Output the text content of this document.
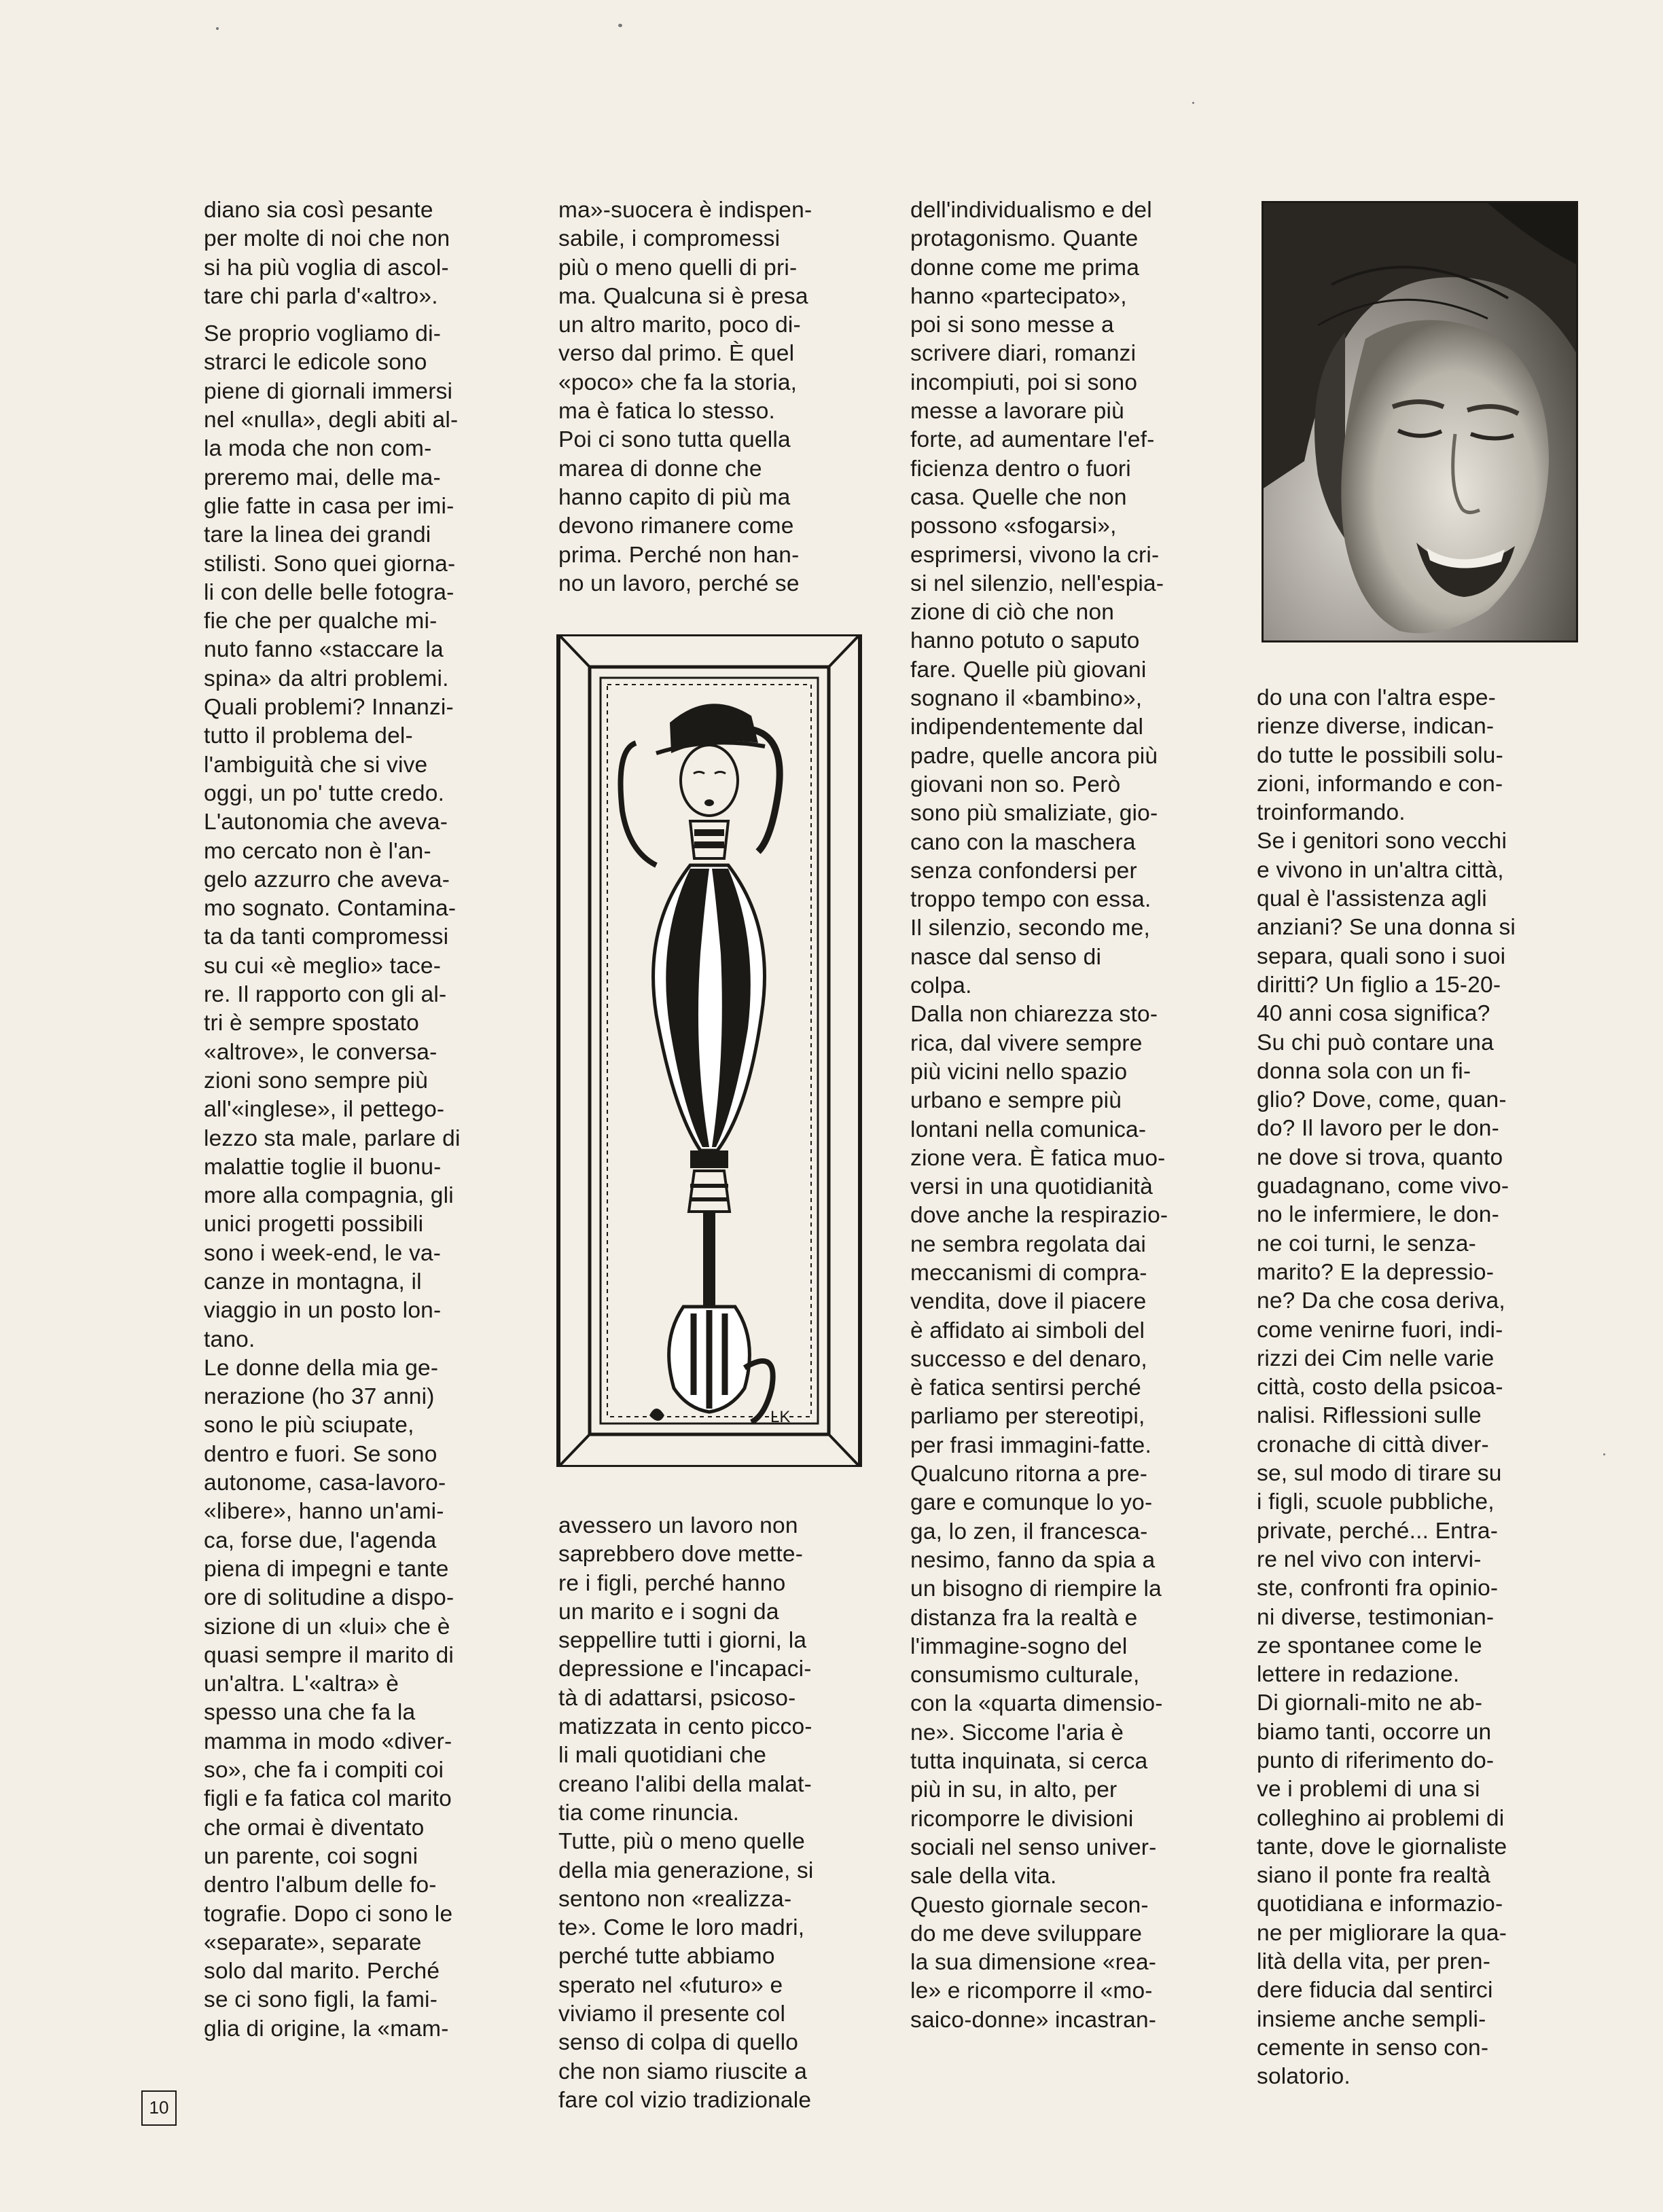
diano sia così pesante
per molte di noi che non
si ha più voglia di ascol-
tare chi parla d'«altro».
Se proprio vogliamo di-
strarci le edicole sono
piene di giornali immersi
nel «nulla», degli abiti al-
la moda che non com-
preremo mai, delle ma-
glie fatte in casa per imi-
tare la linea dei grandi
stilisti. Sono quei giorna-
li con delle belle fotogra-
fie che per qualche mi-
nuto fanno «staccare la
spina» da altri problemi.
Quali problemi? Innanzi-
tutto il problema del-
l'ambiguità che si vive
oggi, un po' tutte credo.
L'autonomia che aveva-
mo cercato non è l'an-
gelo azzurro che aveva-
mo sognato. Contamina-
ta da tanti compromessi
su cui «è meglio» tace-
re. Il rapporto con gli al-
tri è sempre spostato
«altrove», le conversa-
zioni sono sempre più
all'«inglese», il pettego-
lezzo sta male, parlare di
malattie toglie il buonu-
more alla compagnia, gli
unici progetti possibili
sono i week-end, le va-
canze in montagna, il
viaggio in un posto lon-
tano.
Le donne della mia ge-
nerazione (ho 37 anni)
sono le più sciupate,
dentro e fuori. Se sono
autonome, casa-lavoro-
«libere», hanno un'ami-
ca, forse due, l'agenda
piena di impegni e tante
ore di solitudine a dispo-
sizione di un «lui» che è
quasi sempre il marito di
un'altra. L'«altra» è
spesso una che fa la
mamma in modo «diver-
so», che fa i compiti coi
figli e fa fatica col marito
che ormai è diventato
un parente, coi sogni
dentro l'album delle fo-
tografie. Dopo ci sono le
«separate», separate
solo dal marito. Perché
se ci sono figli, la fami-
glia di origine, la «mam-
ma»-suocera è indispen-
sabile, i compromessi
più o meno quelli di pri-
ma. Qualcuna si è presa
un altro marito, poco di-
verso dal primo. È quel
«poco» che fa la storia,
ma è fatica lo stesso.
Poi ci sono tutta quella
marea di donne che
hanno capito di più ma
devono rimanere come
prima. Perché non han-
no un lavoro, perché se
LK
avessero un lavoro non
saprebbero dove mette-
re i figli, perché hanno
un marito e i sogni da
seppellire tutti i giorni, la
depressione e l'incapaci-
tà di adattarsi, psicoso-
matizzata in cento picco-
li mali quotidiani che
creano l'alibi della malat-
tia come rinuncia.
Tutte, più o meno quelle
della mia generazione, si
sentono non «realizza-
te». Come le loro madri,
perché tutte abbiamo
sperato nel «futuro» e
viviamo il presente col
senso di colpa di quello
che non siamo riuscite a
fare col vizio tradizionale
dell'individualismo e del
protagonismo. Quante
donne come me prima
hanno «partecipato»,
poi si sono messe a
scrivere diari, romanzi
incompiuti, poi si sono
messe a lavorare più
forte, ad aumentare l'ef-
ficienza dentro o fuori
casa. Quelle che non
possono «sfogarsi»,
esprimersi, vivono la cri-
si nel silenzio, nell'espia-
zione di ciò che non
hanno potuto o saputo
fare. Quelle più giovani
sognano il «bambino»,
indipendentemente dal
padre, quelle ancora più
giovani non so. Però
sono più smaliziate, gio-
cano con la maschera
senza confondersi per
troppo tempo con essa.
Il silenzio, secondo me,
nasce dal senso di
colpa.
Dalla non chiarezza sto-
rica, dal vivere sempre
più vicini nello spazio
urbano e sempre più
lontani nella comunica-
zione vera. È fatica muo-
versi in una quotidianità
dove anche la respirazio-
ne sembra regolata dai
meccanismi di compra-
vendita, dove il piacere
è affidato ai simboli del
successo e del denaro,
è fatica sentirsi perché
parliamo per stereotipi,
per frasi immagini-fatte.
Qualcuno ritorna a pre-
gare e comunque lo yo-
ga, lo zen, il francesca-
nesimo, fanno da spia a
un bisogno di riempire la
distanza fra la realtà e
l'immagine-sogno del
consumismo culturale,
con la «quarta dimensio-
ne». Siccome l'aria è
tutta inquinata, si cerca
più in su, in alto, per
ricomporre le divisioni
sociali nel senso univer-
sale della vita.
Questo giornale secon-
do me deve sviluppare
la sua dimensione «rea-
le» e ricomporre il «mo-
saico-donne» incastran-
do una con l'altra espe-
rienze diverse, indican-
do tutte le possibili solu-
zioni, informando e con-
troinformando.
Se i genitori sono vecchi
e vivono in un'altra città,
qual è l'assistenza agli
anziani? Se una donna si
separa, quali sono i suoi
diritti? Un figlio a 15-20-
40 anni cosa significa?
Su chi può contare una
donna sola con un fi-
glio? Dove, come, quan-
do? Il lavoro per le don-
ne dove si trova, quanto
guadagnano, come vivo-
no le infermiere, le don-
ne coi turni, le senza-
marito? E la depressio-
ne? Da che cosa deriva,
come venirne fuori, indi-
rizzi dei Cim nelle varie
città, costo della psicoa-
nalisi. Riflessioni sulle
cronache di città diver-
se, sul modo di tirare su
i figli, scuole pubbliche,
private, perché... Entra-
re nel vivo con intervi-
ste, confronti fra opinio-
ni diverse, testimonian-
ze spontanee come le
lettere in redazione.
Di giornali-mito ne ab-
biamo tanti, occorre un
punto di riferimento do-
ve i problemi di una si
colleghino ai problemi di
tante, dove le giornaliste
siano il ponte fra realtà
quotidiana e informazio-
ne per migliorare la qua-
lità della vita, per pren-
dere fiducia dal sentirci
insieme anche sempli-
cemente in senso con-
solatorio.
10
